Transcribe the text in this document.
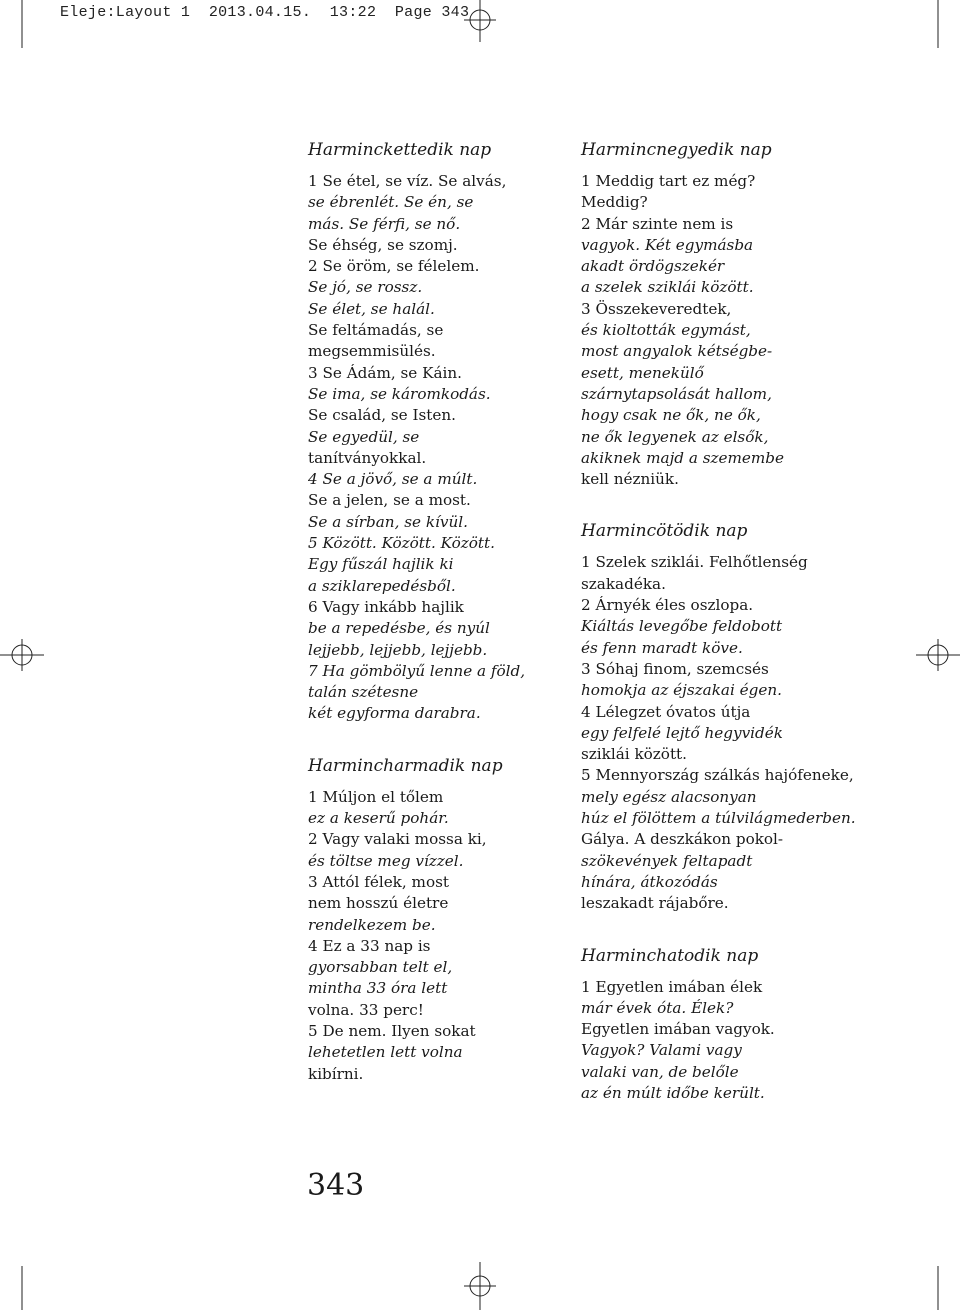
Eleje:Layout 1  2013.04.15.  13:22  Page 343
Harminckettedik nap
1 Se étel, se víz. Se alvás,
se ébrenlét. Se én, se
más. Se férfi, se nő.
Se éhség, se szomj.
2 Se öröm, se félelem.
Se jó, se rossz.
Se élet, se halál.
Se feltámadás, se
megsemmisülés.
3 Se Ádám, se Káin.
Se ima, se káromkodás.
Se család, se Isten.
Se egyedül, se
tanítványokkal.
4 Se a jövő, se a múlt.
Se a jelen, se a most.
Se a sírban, se kívül.
5 Között. Között. Között.
Egy fűszál hajlik ki
a sziklarepedésből.
6 Vagy inkább hajlik
be a repedésbe, és nyúl
lejjebb, lejjebb, lejjebb.
7 Ha gömbölyű lenne a föld,
talán szétesne
két egyforma darabra.
Harmincharmadik nap
1 Múljon el tőlem
ez a keserű pohár.
2 Vagy valaki mossa ki,
és töltse meg vízzel.
3 Attól félek, most
nem hosszú életre
rendelkezem be.
4 Ez a 33 nap is
gyorsabban telt el,
mintha 33 óra lett
volna. 33 perc!
5 De nem. Ilyen sokat
lehetetlen lett volna
kibírni.
Harmincnegyedik nap
1 Meddig tart ez még?
Meddig?
2 Már szinte nem is
vagyok. Két egymásba
akadt ördögszekér
a szelek sziklái között.
3 Összekeveredtek,
és kioltották egymást,
most angyalok kétségbe-
esett, menekülő
szárnytapsolását hallom,
hogy csak ne ők, ne ők,
ne ők legyenek az elsők,
akiknek majd a szemembe
kell nézniük.
Harmincötödik nap
1 Szelek sziklái. Felhőtlenség
szakadéka.
2 Árnyék éles oszlopa.
Kiáltás levegőbe feldobott
és fenn maradt köve.
3 Sóhaj finom, szemcsés
homokja az éjszakai égen.
4 Lélegzet óvatos útja
egy felfelé lejtő hegyvidék
sziklái között.
5 Mennyország szálkás hajófeneke,
mely egész alacsonyan
húz el fölöttem a túlvilágmederben.
Gálya. A deszkákon pokol-
szökevények feltapadt
hínára, átkozódás
leszakadt rájabőre.
Harminchatodik nap
1 Egyetlen imában élek
már évek óta. Élek?
Egyetlen imában vagyok.
Vagyok? Valami vagy
valaki van, de belőle
az én múlt időbe került.
343
